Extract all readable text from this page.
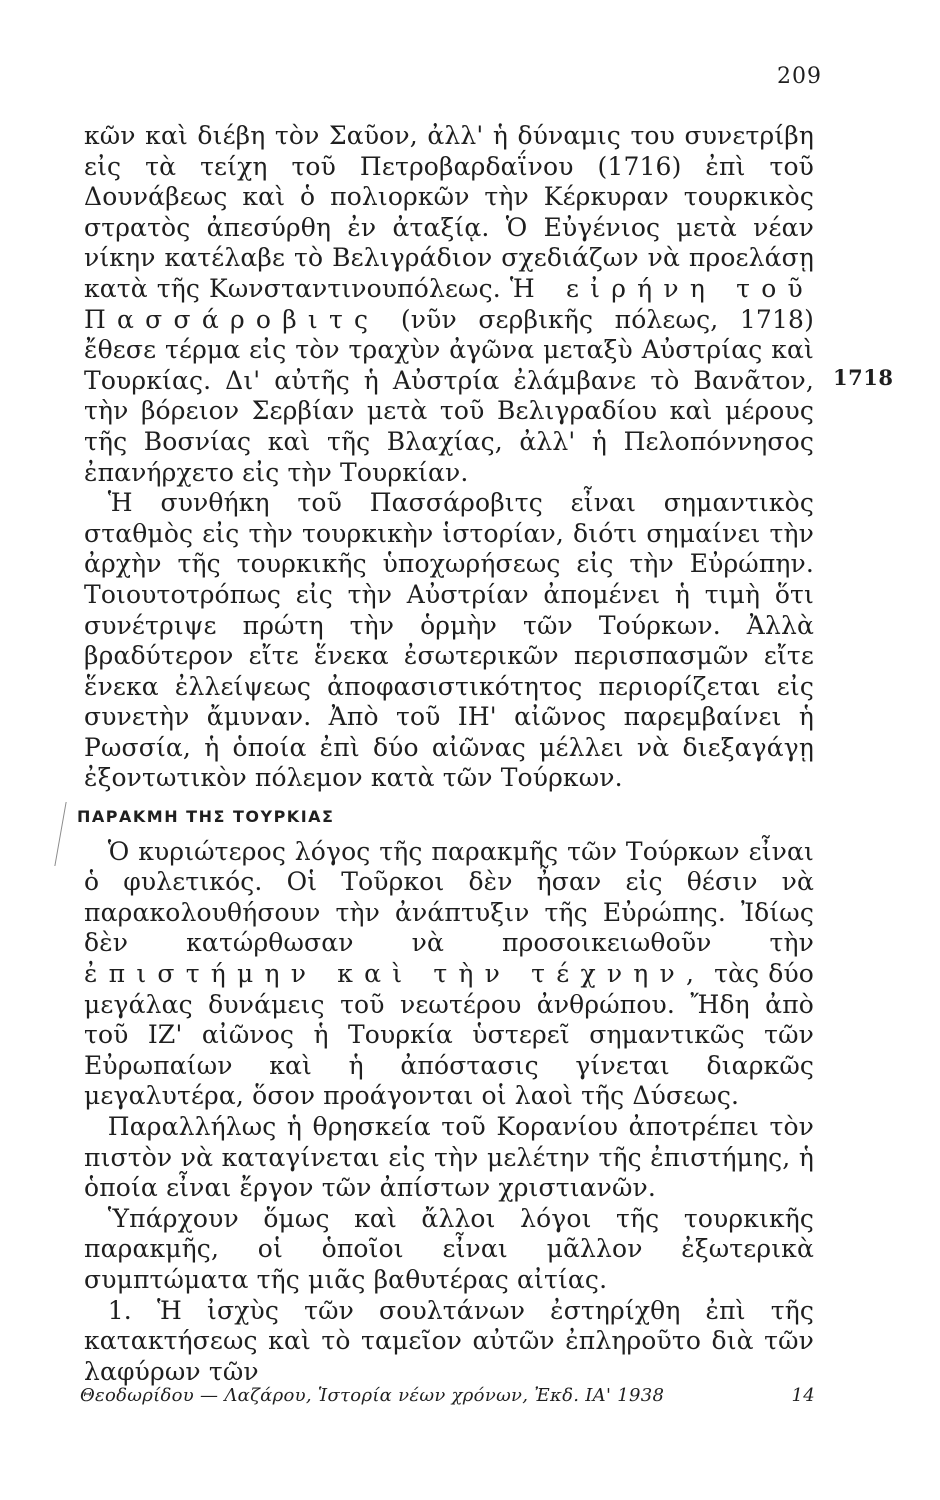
209
1718

κῶν καὶ διέβη τὸν Σαῦον, ἀλλ' ἡ δύναμις του συνετρίβη εἰς τὰ τείχη τοῦ Πετροβαρδαΐνου (1716) ἐπὶ τοῦ Δουνάβεως καὶ ὁ πολιορκῶν τὴν Κέρκυραν τουρκικὸς στρατὸς ἀπεσύρθη ἐν ἀταξίᾳ. Ὁ Εὐγένιος μετὰ νέαν νίκην κατέλαβε τὸ Βελιγράδιον σχεδιάζων νὰ προελάσῃ κατὰ τῆς Κωνσταντινουπόλεως. Ἡ εἰρήνη τοῦ Πασσάροβιτς (νῦν σερβικῆς πόλεως, 1718) ἔθεσε τέρμα εἰς τὸν τραχὺν ἀγῶνα μεταξὺ Αὐστρίας καὶ Τουρκίας. Δι' αὐτῆς ἡ Αὐστρία ἐλάμβανε τὸ Βανᾶτον, τὴν βόρειον Σερβίαν μετὰ τοῦ Βελιγραδίου καὶ μέρους τῆς Βοσνίας καὶ τῆς Βλαχίας, ἀλλ' ἡ Πελοπόννησος ἐπανήρχετο εἰς τὴν Τουρκίαν.

Ἡ συνθήκη τοῦ Πασσάροβιτς εἶναι σημαντικὸς σταθμὸς εἰς τὴν τουρκικὴν ἱστορίαν, διότι σημαίνει τὴν ἀρχὴν τῆς τουρκικῆς ὑποχωρήσεως εἰς τὴν Εὐρώπην. Τοιουτοτρόπως εἰς τὴν Αὐστρίαν ἀπομένει ἡ τιμὴ ὅτι συνέτριψε πρώτη τὴν ὁρμὴν τῶν Τούρκων. Ἀλλὰ βραδύτερον εἴτε ἕνεκα ἐσωτερικῶν περισπασμῶν εἴτε ἕνεκα ἐλλείψεως ἀποφασιστικότητος περιορίζεται εἰς συνετὴν ἄμυναν. Ἀπὸ τοῦ ΙΗ' αἰῶνος παρεμβαίνει ἡ Ρωσσία, ἡ ὁποία ἐπὶ δύο αἰῶνας μέλλει νὰ διεξαγάγῃ ἐξοντωτικὸν πόλεμον κατὰ τῶν Τούρκων.

ΠΑΡΑΚΜΗ ΤΗΣ ΤΟΥΡΚΙΑΣ

Ὁ κυριώτερος λόγος τῆς παρακμῆς τῶν Τούρκων εἶναι ὁ φυλετικός. Οἱ Τοῦρκοι δὲν ἦσαν εἰς θέσιν νὰ παρακολουθήσουν τὴν ἀνάπτυξιν τῆς Εὐρώπης. Ἰδίως δὲν κατώρθωσαν νὰ προσοικειωθοῦν τὴν ἐπιστήμην καὶ τὴν τέχνην, τὰς δύο μεγάλας δυνάμεις τοῦ νεωτέρου ἀνθρώπου. Ἤδη ἀπὸ τοῦ ΙΖ' αἰῶνος ἡ Τουρκία ὑστερεῖ σημαντικῶς τῶν Εὐρωπαίων καὶ ἡ ἀπόστασις γίνεται διαρκῶς μεγαλυτέρα, ὅσον προάγονται οἱ λαοὶ τῆς Δύσεως.

Παραλλήλως ἡ θρησκεία τοῦ Κορανίου ἀποτρέπει τὸν πιστὸν νὰ καταγίνεται εἰς τὴν μελέτην τῆς ἐπιστήμης, ἡ ὁποία εἶναι ἔργον τῶν ἀπίστων χριστιανῶν.

Ὑπάρχουν ὅμως καὶ ἄλλοι λόγοι τῆς τουρκικῆς παρακμῆς, οἱ ὁποῖοι εἶναι μᾶλλον ἐξωτερικὰ συμπτώματα τῆς μιᾶς βαθυτέρας αἰτίας.

1. Ἡ ἰσχὺς τῶν σουλτάνων ἐστηρίχθη ἐπὶ τῆς κατακτήσεως καὶ τὸ ταμεῖον αὐτῶν ἐπληροῦτο διὰ τῶν λαφύρων τῶν

Θεοδωρίδου — Λαζάρου, Ἱστορία νέων χρόνων, Ἐκδ. ΙΑ' 1938	14
